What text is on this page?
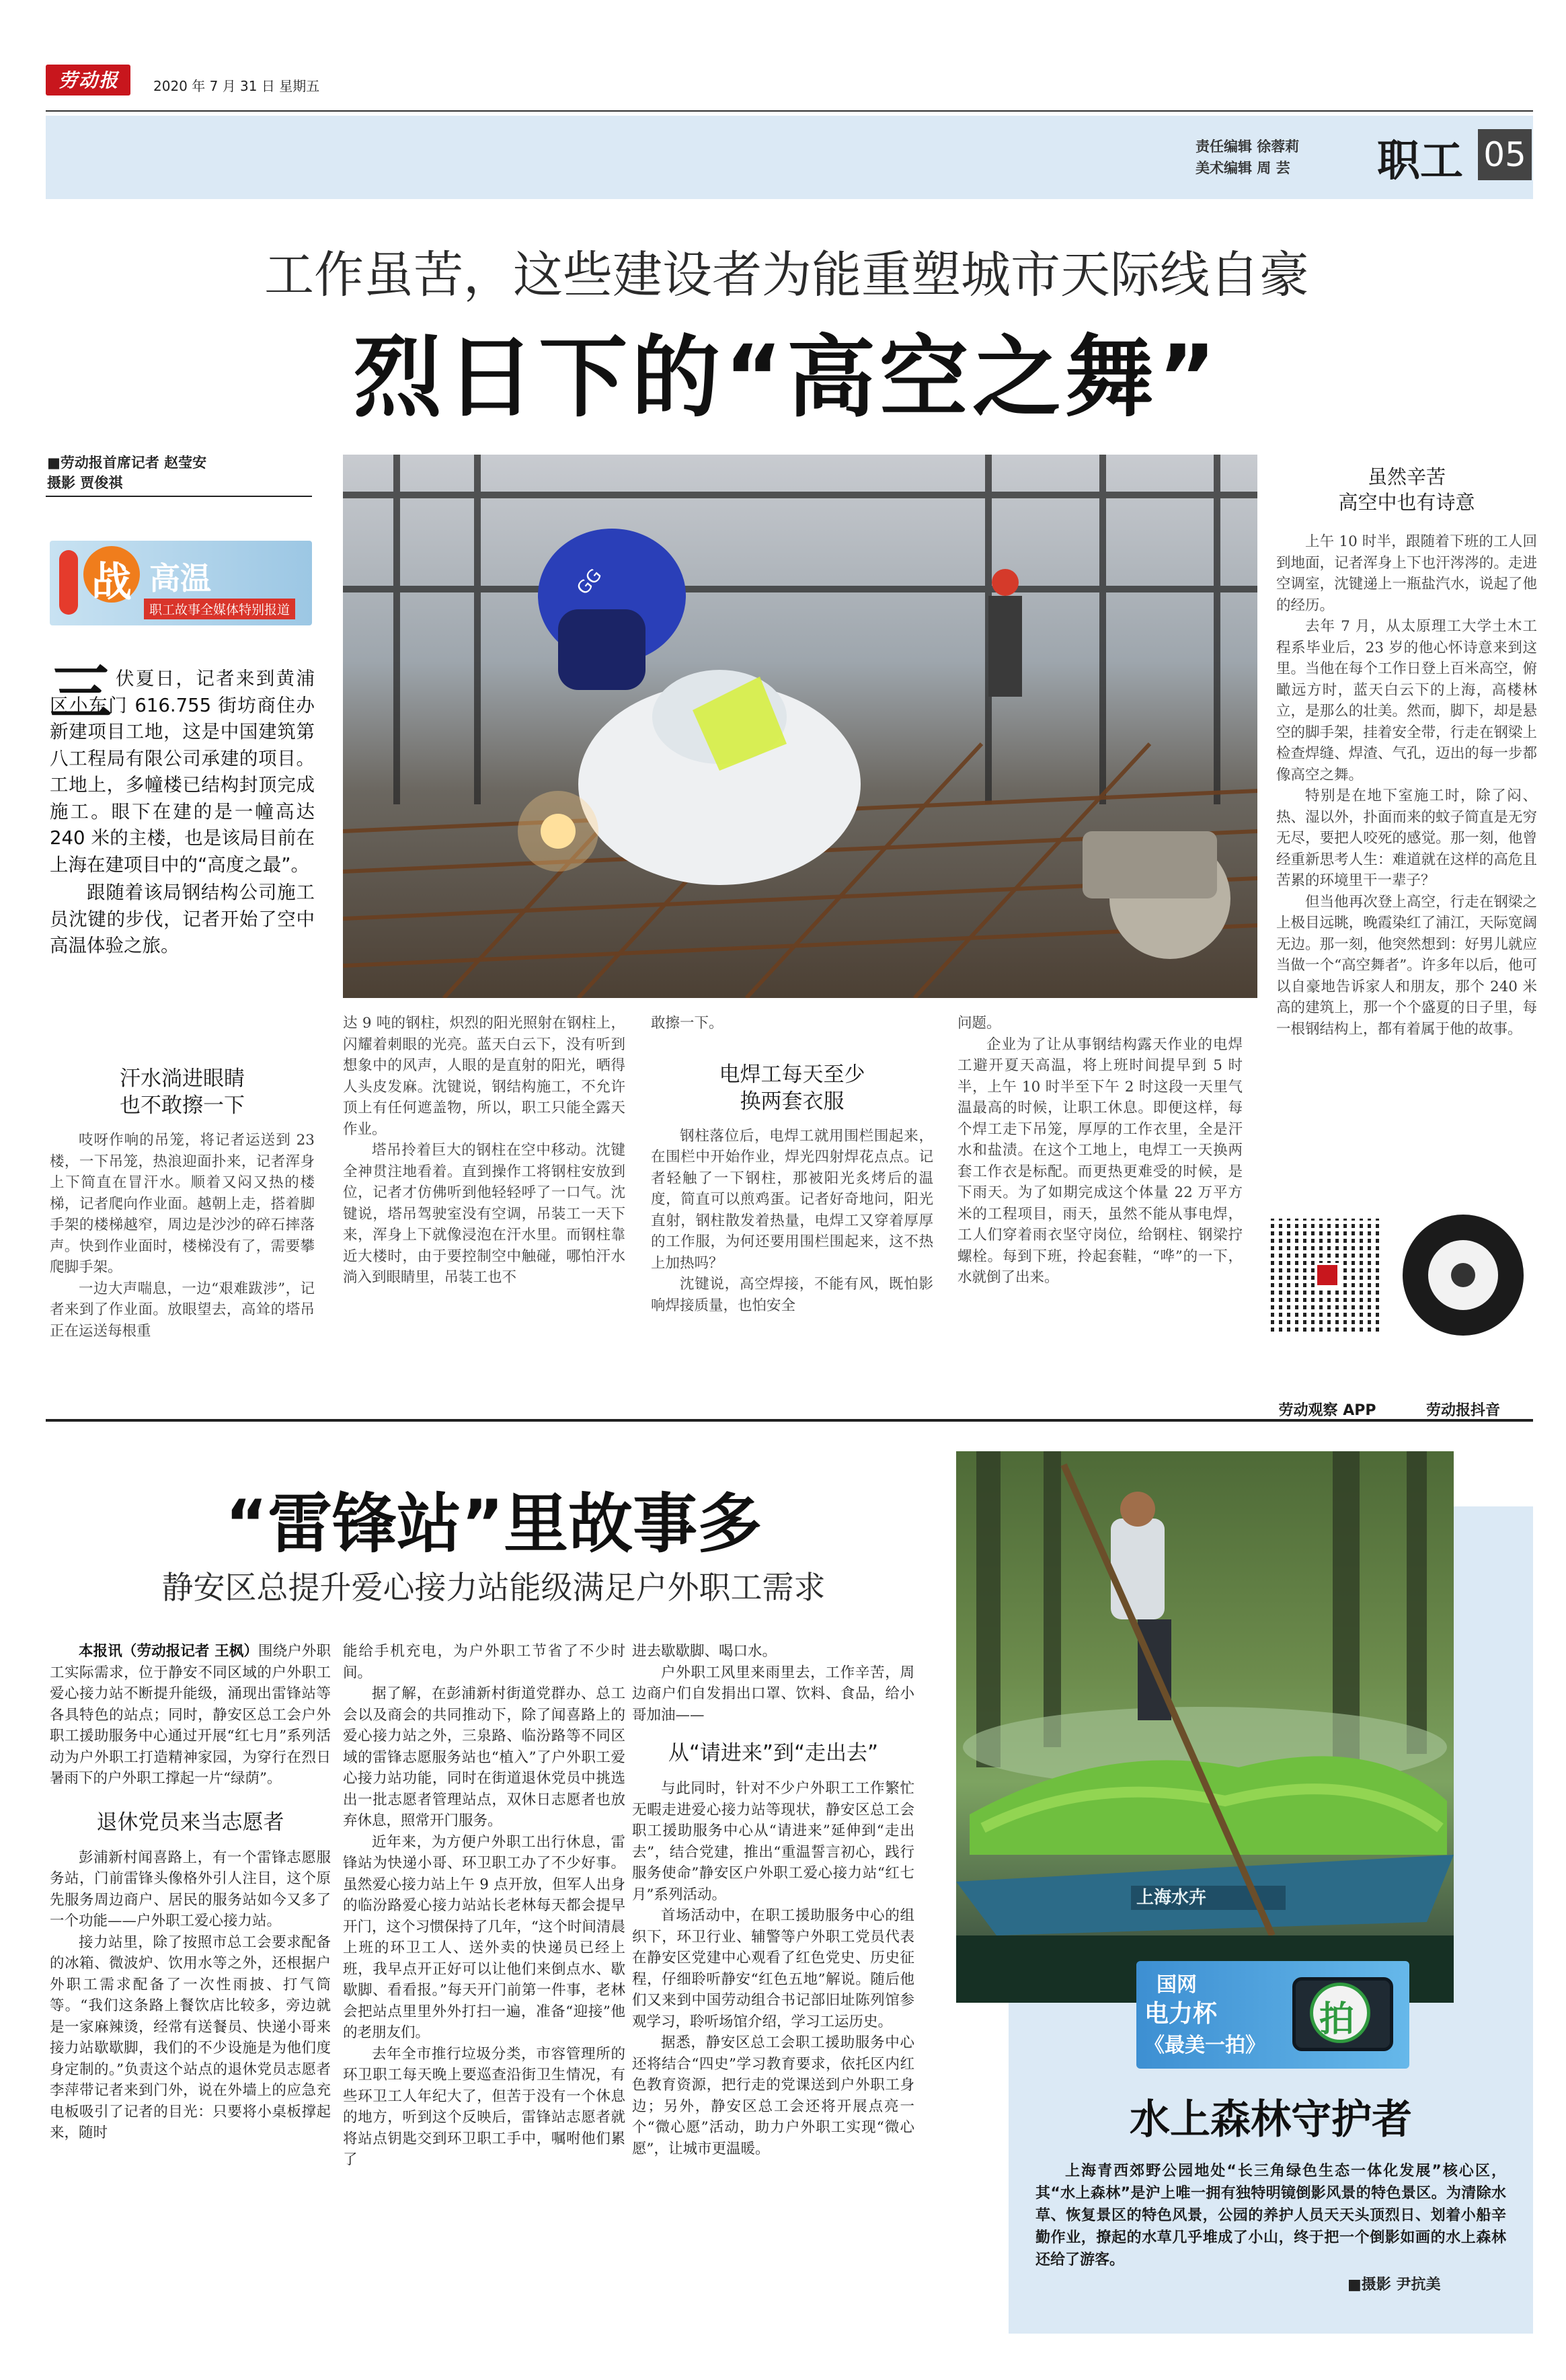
劳动报	2020 年 7 月 31 日 星期五
责任编辑 徐蓉莉
美术编辑 周 芸 职工 05
工作虽苦，这些建设者为能重塑城市天际线自豪
烈日下的“高空之舞”
■劳动报首席记者 赵莹安
摄影 贾俊祺
战 高温
职工故事全媒体特别报道
三 伏夏日，记者来到黄浦区小东门 616.755 街坊商住办新建项目工地，这是中国建筑第八工程局有限公司承建的项目。工地上，多幢楼已结构封顶完成施工。眼下在建的是一幢高达 240 米的主楼，也是该局目前在上海在建项目中的“高度之最”。

跟随着该局钢结构公司施工员沈键的步伐，记者开始了空中高温体验之旅。

GG
虽然辛苦
高空中也有诗意

上午 10 时半，跟随着下班的工人回到地面，记者浑身上下也汗涔涔的。走进空调室，沈键递上一瓶盐汽水，说起了他的经历。

去年 7 月，从太原理工大学土木工程系毕业后，23 岁的他心怀诗意来到这里。当他在每个工作日登上百米高空，俯瞰远方时，蓝天白云下的上海，高楼林立，是那么的壮美。然而，脚下，却是悬空的脚手架，挂着安全带，行走在钢梁上检查焊缝、焊渣、气孔，迈出的每一步都像高空之舞。

特别是在地下室施工时，除了闷、热、湿以外，扑面而来的蚊子简直是无穷无尽，要把人咬死的感觉。那一刻，他曾经重新思考人生：难道就在这样的高危且苦累的环境里干一辈子？

但当他再次登上高空，行走在钢梁之上极目远眺，晚霞染红了浦江，天际宽阔无边。那一刻，他突然想到：好男儿就应当做一个“高空舞者”。许多年以后，他可以自豪地告诉家人和朋友，那个 240 米高的建筑上，那一个个盛夏的日子里，每一根钢结构上，都有着属于他的故事。

劳动观察 APP	劳动报抖音
汗水淌进眼睛
也不敢擦一下

吱呀作响的吊笼，将记者运送到 23 楼，一下吊笼，热浪迎面扑来，记者浑身上下简直在冒汗水。顺着又闷又热的楼梯，记者爬向作业面。越朝上走，搭着脚手架的楼梯越窄，周边是沙沙的碎石摔落声。快到作业面时，楼梯没有了，需要攀爬脚手架。

一边大声喘息，一边“艰难跋涉”，记者来到了作业面。放眼望去，高耸的塔吊正在运送每根重

达 9 吨的钢柱，炽烈的阳光照射在钢柱上，闪耀着刺眼的光亮。蓝天白云下，没有听到想象中的风声，人眼的是直射的阳光，晒得人头皮发麻。沈键说，钢结构施工，不允许顶上有任何遮盖物，所以，职工只能全露天作业。

塔吊拎着巨大的钢柱在空中移动。沈键全神贯注地看着。直到操作工将钢柱安放到位，记者才仿佛听到他轻轻呼了一口气。沈键说，塔吊驾驶室没有空调，吊装工一天下来，浑身上下就像浸泡在汗水里。而钢柱靠近大楼时，由于要控制空中触碰，哪怕汗水淌入到眼睛里，吊装工也不

敢擦一下。

电焊工每天至少
换两套衣服

钢柱落位后，电焊工就用围栏围起来，在围栏中开始作业，焊光四射焊花点点。记者轻触了一下钢柱，那被阳光炙烤后的温度，简直可以煎鸡蛋。记者好奇地问，阳光直射，钢柱散发着热量，电焊工又穿着厚厚的工作服，为何还要用围栏围起来，这不热上加热吗？

沈键说，高空焊接，不能有风，既怕影响焊接质量，也怕安全

问题。

企业为了让从事钢结构露天作业的电焊工避开夏天高温，将上班时间提早到 5 时半，上午 10 时半至下午 2 时这段一天里气温最高的时候，让职工休息。即便这样，每个焊工走下吊笼，厚厚的工作衣里，全是汗水和盐渍。在这个工地上，电焊工一天换两套工作衣是标配。而更热更难受的时候，是下雨天。为了如期完成这个体量 22 万平方米的工程项目，雨天，虽然不能从事电焊，工人们穿着雨衣坚守岗位，给钢柱、钢梁拧螺栓。每到下班，拎起套鞋，“哗”的一下，水就倒了出来。

“雷锋站”里故事多
静安区总提升爱心接力站能级满足户外职工需求

本报讯（劳动报记者 王枫）围绕户外职工实际需求，位于静安不同区域的户外职工爱心接力站不断提升能级，涌现出雷锋站等各具特色的站点；同时，静安区总工会户外职工援助服务中心通过开展“红七月”系列活动为户外职工打造精神家园，为穿行在烈日暑雨下的户外职工撑起一片“绿荫”。

退休党员来当志愿者

彭浦新村闻喜路上，有一个雷锋志愿服务站，门前雷锋头像格外引人注目，这个原先服务周边商户、居民的服务站如今又多了一个功能——户外职工爱心接力站。

接力站里，除了按照市总工会要求配备的冰箱、微波炉、饮用水等之外，还根据户外职工需求配备了一次性雨披、打气筒等。“我们这条路上餐饮店比较多，旁边就是一家麻辣烫，经常有送餐员、快递小哥来接力站歇歇脚，我们的不少设施是为他们度身定制的。”负责这个站点的退休党员志愿者李萍带记者来到门外，说在外墙上的应急充电板吸引了记者的目光：只要将小桌板撑起来，随时

能给手机充电，为户外职工节省了不少时间。

据了解，在彭浦新村街道党群办、总工会以及商会的共同推动下，除了闻喜路上的爱心接力站之外，三泉路、临汾路等不同区域的雷锋志愿服务站也“植入”了户外职工爱心接力站功能，同时在街道退休党员中挑选出一批志愿者管理站点，双休日志愿者也放弃休息，照常开门服务。

近年来，为方便户外职工出行休息，雷锋站为快递小哥、环卫职工办了不少好事。虽然爱心接力站上午 9 点开放，但军人出身的临汾路爱心接力站站长老林每天都会提早开门，这个习惯保持了几年，“这个时间清晨上班的环卫工人、送外卖的快递员已经上班，我早点开正好可以让他们来倒点水、歇歇脚、看看报。”每天开门前第一件事，老林会把站点里里外外打扫一遍，准备“迎接”他的老朋友们。

去年全市推行垃圾分类，市容管理所的环卫职工每天晚上要巡查沿街卫生情况，有些环卫工人年纪大了，但苦于没有一个休息的地方，听到这个反映后，雷锋站志愿者就将站点钥匙交到环卫职工手中，嘱咐他们累了

进去歇歇脚、喝口水。

户外职工风里来雨里去，工作辛苦，周边商户们自发捐出口罩、饮料、食品，给小哥加油——

从“请进来”到“走出去”

与此同时，针对不少户外职工工作繁忙无暇走进爱心接力站等现状，静安区总工会职工援助服务中心从“请进来”延伸到“走出去”，结合党建，推出“重温誓言初心，践行服务使命”静安区户外职工爱心接力站“红七月”系列活动。

首场活动中，在职工援助服务中心的组织下，环卫行业、辅警等户外职工党员代表在静安区党建中心观看了红色党史、历史征程，仔细聆听静安“红色五地”解说。随后他们又来到中国劳动组合书记部旧址陈列馆参观学习，聆听场馆介绍，学习工运历史。

据悉，静安区总工会职工援助服务中心还将结合“四史”学习教育要求，依托区内红色教育资源，把行走的党课送到户外职工身边；另外，静安区总工会还将开展点亮一个“微心愿”活动，助力户外职工实现“微心愿”，让城市更温暖。

上海水卉
国网
电力杯
《最美一拍》
拍
水上森林守护者
上海青西郊野公园地处“长三角绿色生态一体化发展”核心区，其“水上森林”是沪上唯一拥有独特明镜倒影风景的特色景区。为清除水草、恢复景区的特色风景，公园的养护人员天天头顶烈日、划着小船辛勤作业，撩起的水草几乎堆成了小山，终于把一个倒影如画的水上森林还给了游客。
■摄影 尹抗美
